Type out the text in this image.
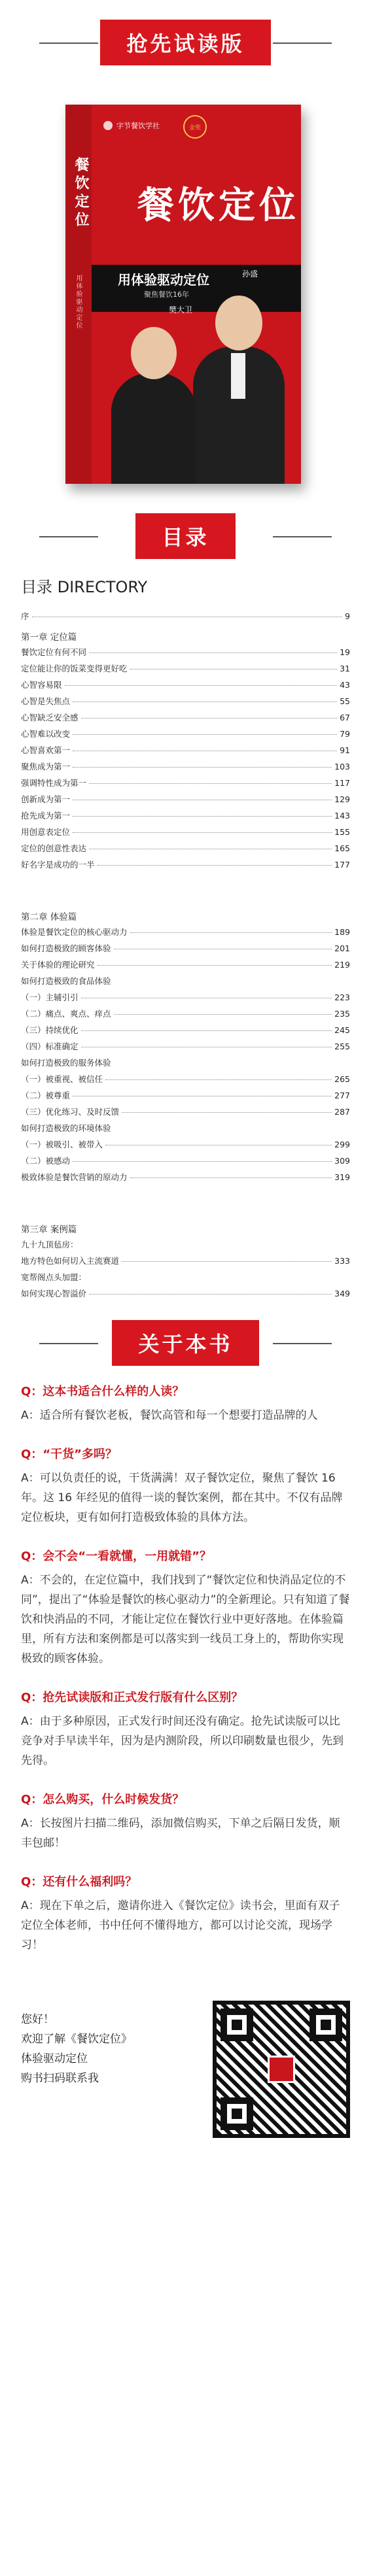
抢先试读版
餐饮定位
用体验驱动定位
字节餐饮学社	金奖
餐饮定位
用体验驱动定位
聚焦餐饮16年
樊大卫
孙盛
目录
目录 DIRECTORY
序	9
第一章 定位篇
餐饮定位有何不同	19
定位能让你的饭菜变得更好吃	31
心智容易限	43
心智是失焦点	55
心智缺乏安全感	67
心智难以改变	79
心智喜欢第一	91
聚焦成为第一	103
强调特性成为第一	117
创新成为第一	129
抢先成为第一	143
用创意表定位	155
定位的创意性表达	165
好名字是成功的一半	177
第二章 体验篇
体验是餐饮定位的核心驱动力	189
如何打造极致的顾客体验	201
关于体验的理论研究	219
如何打造极致的食品体验
（一）主辅引引	223
（二）痛点、爽点、痒点	235
（三）持续优化	245
（四）标准确定	255
如何打造极致的服务体验
（一）被重视、被信任	265
（二）被尊重	277
（三）优化练习、及时反馈	287
如何打造极致的环境体验
（一）被吸引、被带入	299
（二）被感动	309
极致体验是餐饮营销的原动力	319
第三章 案例篇
九十九顶毡房：
地方特色如何切入主流赛道	333
宽帮阁点头加盟：
如何实现心智溢价	349
关于本书
Q：这本书适合什么样的人读？
A：适合所有餐饮老板，餐饮高管和每一个想要打造品牌的人
Q：“干货”多吗？
A：可以负责任的说，干货满满！双子餐饮定位，聚焦了餐饮 16 年。这 16 年经见的值得一谈的餐饮案例，都在其中。不仅有品牌定位板块，更有如何打造极致体验的具体方法。
Q：会不会“一看就懂，一用就错”？
A：不会的，在定位篇中，我们找到了“餐饮定位和快消品定位的不同”，提出了“体验是餐饮的核心驱动力”的全新理论。只有知道了餐饮和快消品的不同，才能让定位在餐饮行业中更好落地。在体验篇里，所有方法和案例都是可以落实到一线员工身上的，帮助你实现极致的顾客体验。
Q：抢先试读版和正式发行版有什么区别？
A：由于多种原因，正式发行时间还没有确定。抢先试读版可以比竞争对手早读半年，因为是内测阶段，所以印刷数量也很少，先到先得。
Q：怎么购买，什么时候发货？
A：长按图片扫描二维码，添加微信购买，下单之后隔日发货，顺丰包邮！
Q：还有什么福利吗？
A：现在下单之后，邀请你进入《餐饮定位》读书会，里面有双子定位全体老师，书中任何不懂得地方，都可以讨论交流，现场学习！
您好！
欢迎了解《餐饮定位》
体验驱动定位
购书扫码联系我
